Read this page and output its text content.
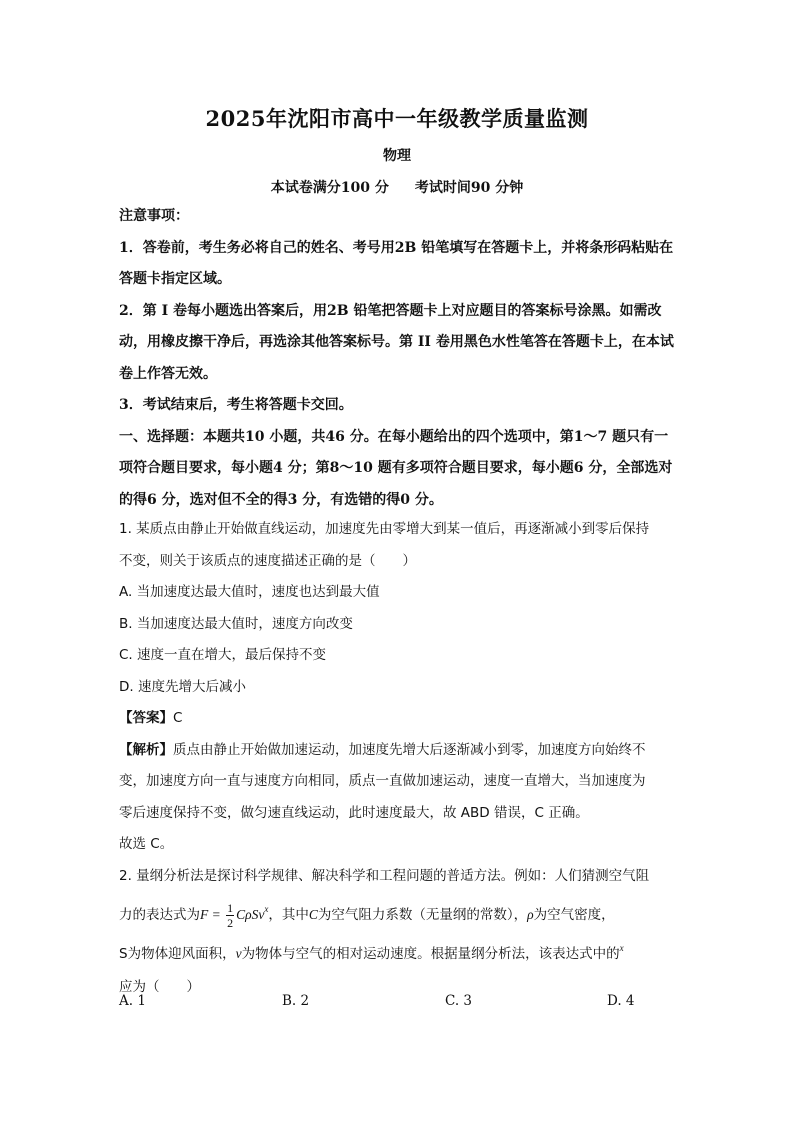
2025年沈阳市高中一年级教学质量监测
物理
本试卷满分100 分 考试时间90 分钟
注意事项：
1．答卷前，考生务必将自己的姓名、考号用2B 铅笔填写在答题卡上，并将条形码粘贴在
答题卡指定区域。
2．第 I 卷每小题选出答案后，用2B 铅笔把答题卡上对应题目的答案标号涂黑。如需改
动，用橡皮擦干净后，再选涂其他答案标号。第 II 卷用黑色水性笔答在答题卡上，在本试
卷上作答无效。
3．考试结束后，考生将答题卡交回。
一、选择题：本题共10 小题，共46 分。在每小题给出的四个选项中，第1～7 题只有一
项符合题目要求，每小题4 分；第8～10 题有多项符合题目要求，每小题6 分，全部选对
的得6 分，选对但不全的得3 分，有选错的得0 分。
1. 某质点由静止开始做直线运动，加速度先由零增大到某一值后，再逐渐减小到零后保持
不变，则关于该质点的速度描述正确的是（　　）
A. 当加速度达最大值时，速度也达到最大值
B. 当加速度达最大值时，速度方向改变
C. 速度一直在增大，最后保持不变
D. 速度先增大后减小
【答案】C
【解析】质点由静止开始做加速运动，加速度先增大后逐渐减小到零，加速度方向始终不
变，加速度方向一直与速度方向相同，质点一直做加速运动，速度一直增大，当加速度为
零后速度保持不变，做匀速直线运动，此时速度最大，故 ABD 错误，C 正确。
故选 C。
2. 量纲分析法是探讨科学规律、解决科学和工程问题的普适方法。例如：人们猜测空气阻
力的表达式为$F = \frac{1}{2} C\rho Sv^x$，其中C为空气阻力系数（无量纲的常数），ρ为空气密度，
S为物体迎风面积，v为物体与空气的相对运动速度。根据量纲分析法，该表达式中的$^x$
应为（　　）
A. 1	B. 2	C. 3	D. 4
